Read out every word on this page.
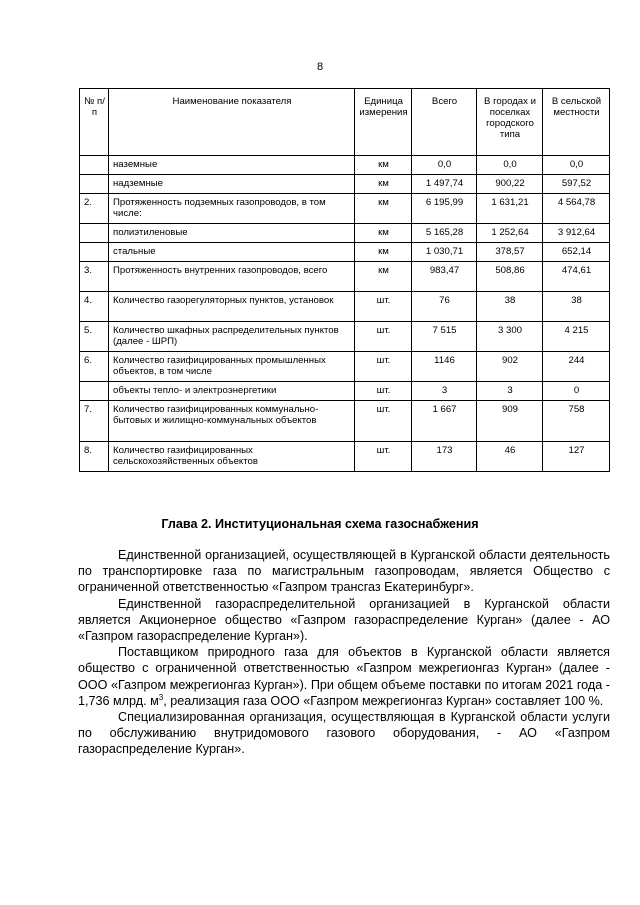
8
№ п/п	Наименование показателя	Единица измерения	Всего	В городах и поселках городского типа	В сельской местности
	наземные	км	0,0	0,0	0,0
	надземные	км	1 497,74	900,22	597,52
2.	Протяженность подземных газопроводов, в том числе:	км	6 195,99	1 631,21	4 564,78
	полиэтиленовые	км	5 165,28	1 252,64	3 912,64
	стальные	км	1 030,71	378,57	652,14
3.	Протяженность внутренних газопроводов, всего	км	983,47	508,86	474,61
4.	Количество газорегуляторных пунктов, установок	шт.	76	38	38
5.	Количество шкафных распределительных пунктов (далее - ШРП)	шт.	7 515	3 300	4 215
6.	Количество газифицированных промышленных объектов, в том числе	шт.	1146	902	244
	объекты тепло- и электроэнергетики	шт.	3	3	0
7.	Количество газифицированных коммунально-бытовых и жилищно-коммунальных объектов	шт.	1 667	909	758
8.	Количество газифицированных сельскохозяйственных объектов	шт.	173	46	127
Глава 2. Институциональная схема газоснабжения

Единственной организацией, осуществляющей в Курганской области деятельность по транспортировке газа по магистральным газопроводам, является Общество с ограниченной ответственностью «Газпром трансгаз Екатеринбург».

Единственной газораспределительной организацией в Курганской области является Акционерное общество «Газпром газораспределение Курган» (далее - АО «Газпром газораспределение Курган»).

Поставщиком природного газа для объектов в Курганской области является общество с ограниченной ответственностью «Газпром межрегионгаз Курган» (далее - ООО «Газпром межрегионгаз Курган»). При общем объеме поставки по итогам 2021 года - 1,736 млрд. $м^3$, реализация газа ООО «Газпром межрегионгаз Курган» составляет 100 %.

Специализированная организация, осуществляющая в Курганской области услуги по обслуживанию внутридомового газового оборудования, - АО «Газпром газораспределение Курган».
